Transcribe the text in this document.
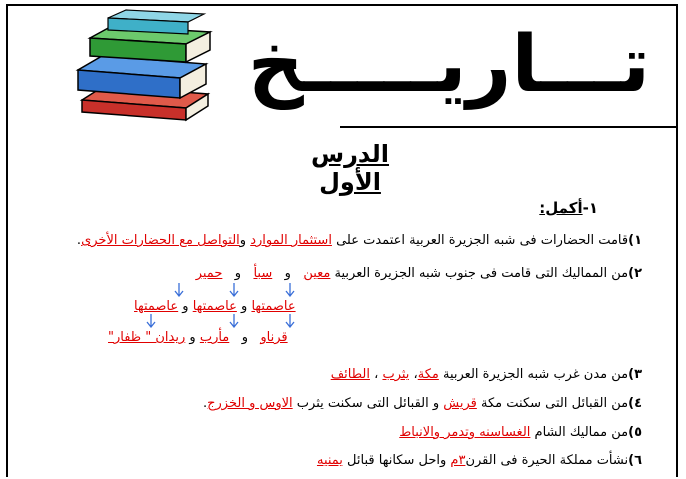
تـــاريـــــخ
الدرس الأول
١-أكمل:
١)قامت الحضارات فى شبه الجزيرة العربية اعتمدت على استثمار الموارد والتواصل مع الحضارات الأخرى.
٢)من المماليك التى قامت فى جنوب شبه الجزيرة العربية معين   و   سبأ   و   حمير
عاصمتها و عاصمتها و عاصمتها
قرناو   و   مأرب و ريدان " ظفار"
٣)من مدن غرب شبه الجزيرة العربية مكة، يثرب ، الطائف
٤)من القبائل التى سكنت مكة قريش و القبائل التى سكنت يثرب الاوس و الخزرج.
٥)من مماليك الشام الغساسنه وتدمر والانباط
٦)نشأت مملكة الحيرة فى القرن٣م واحل سكانها قبائل يمنيه
